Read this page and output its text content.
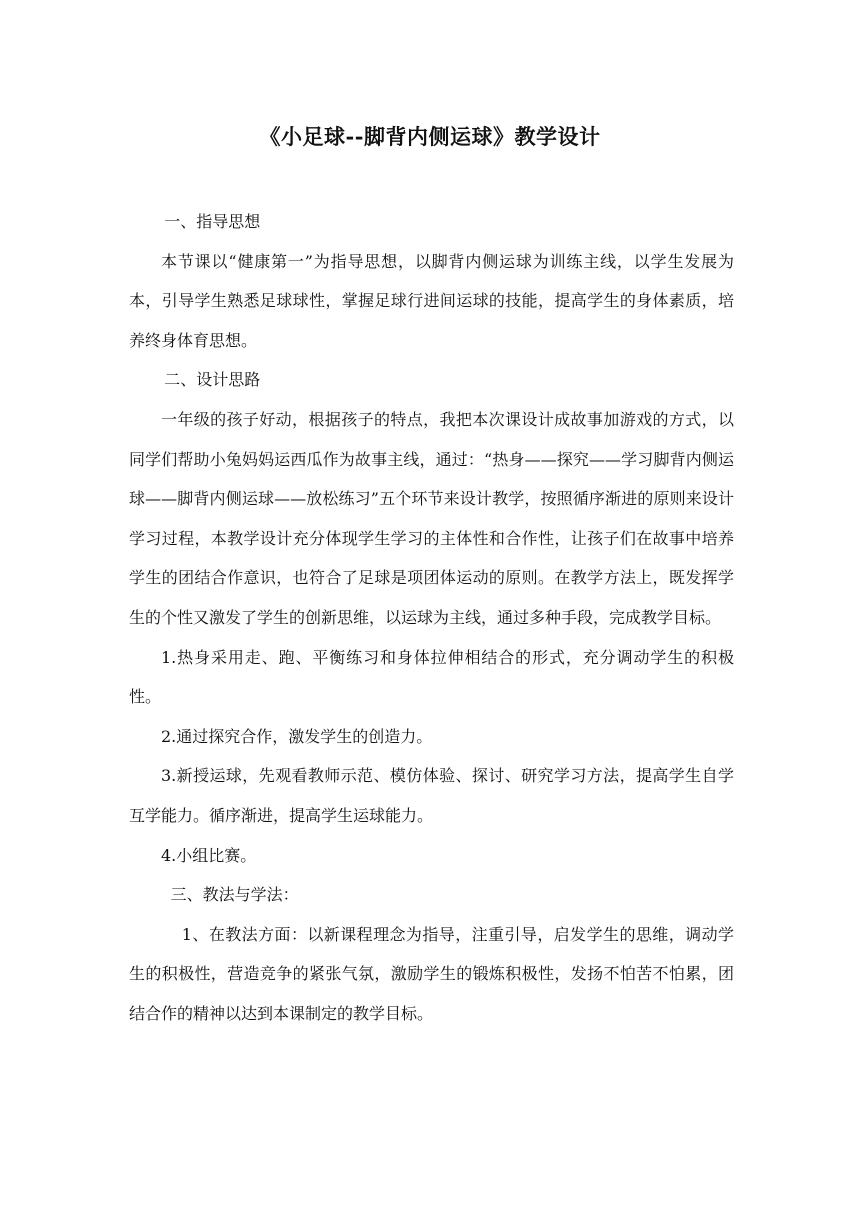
《小足球--脚背内侧运球》教学设计

一、指导思想

本节课以“健康第一”为指导思想，以脚背内侧运球为训练主线，以学生发展为本，引导学生熟悉足球球性，掌握足球行进间运球的技能，提高学生的身体素质，培养终身体育思想。

二、设计思路

一年级的孩子好动，根据孩子的特点，我把本次课设计成故事加游戏的方式，以同学们帮助小兔妈妈运西瓜作为故事主线，通过：“热身——探究——学习脚背内侧运球——脚背内侧运球——放松练习”五个环节来设计教学，按照循序渐进的原则来设计学习过程，本教学设计充分体现学生学习的主体性和合作性，让孩子们在故事中培养学生的团结合作意识，也符合了足球是项团体运动的原则。在教学方法上，既发挥学生的个性又激发了学生的创新思维，以运球为主线，通过多种手段，完成教学目标。

1.热身采用走、跑、平衡练习和身体拉伸相结合的形式，充分调动学生的积极性。

2.通过探究合作，激发学生的创造力。

3.新授运球，先观看教师示范、模仿体验、探讨、研究学习方法，提高学生自学互学能力。循序渐进，提高学生运球能力。

4.小组比赛。

三、教法与学法：

1、在教法方面：以新课程理念为指导，注重引导，启发学生的思维，调动学生的积极性，营造竞争的紧张气氛，激励学生的锻炼积极性，发扬不怕苦不怕累，团结合作的精神以达到本课制定的教学目标。
